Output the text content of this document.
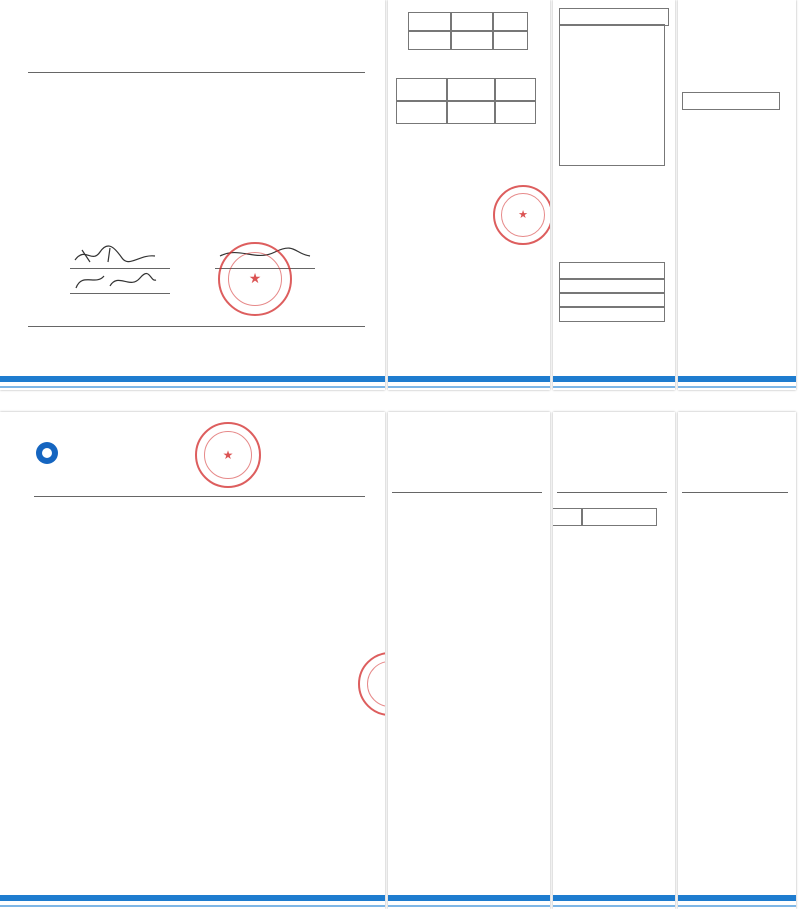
★
★
★
